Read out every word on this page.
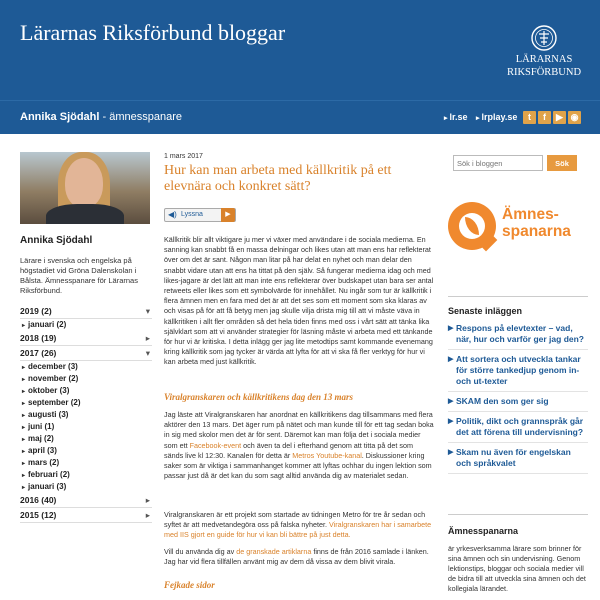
Lärarnas Riksförbund bloggar
LÄRARNAS
RIKSFÖRBUND
Annika Sjödahl - ämnesspanare	▸ lr.se ▸ lrplay.se	t	f	▶ ◉
Annika Sjödahl
Lärare i svenska och engelska på högstadiet vid Gröna Dalenskolan i Bålsta. Ämnesspanare för Lärarnas Riksförbund.
2019 (2)	▾
▸ januari (2)
2018 (19)	▸
2017 (26)	▾
▸ december (3)
▸ november (2)
▸ oktober (3)
▸ september (2)
▸ augusti (3)
▸ juni (1)
▸ maj (2)
▸ april (3)
▸ mars (2)
▸ februari (2)
▸ januari (3)
2016 (40)	▸
2015 (12)	▸
1 mars 2017
Hur kan man arbeta med källkritik på ett elevnära och konkret sätt?
◀) Lyssna	▶
Källkritik blir allt viktigare ju mer vi växer med användare i de sociala medierna. En sanning kan snabbt få en massa delningar och likes utan att man ens har reflekterat över om det är sant. Någon man litar på har delat en nyhet och man delar den snabbt vidare utan att ens ha tittat på den själv. Så fungerar medierna idag och med likes-jagare är det lätt att man inte ens reflekterar över budskapet utan bara ser antal retweets eller likes som ett symbolvärde för innehållet. Nu ingår som tur är källkritik i flera ämnen men en fara med det är att det ses som ett moment som ska klaras av och visas på för att få betyg men jag skulle vilja drista mig till att vi måste väva in källkritiken i allt fler områden så det hela tiden finns med oss i vårt sätt att tänka lika självklart som att vi använder strategier för läsning måste vi arbeta med ett tänkande för hur vi är kritiska. I detta inlägg ger jag lite metodtips samt kommande evenemang kring källkritik som jag tycker är värda att lyfta för att vi ska få fler verktyg för hur vi kan arbeta med just källkritik.
Viralgranskaren och källkritikens dag den 13 mars
Jag läste att Viralgranskaren har anordnat en källkritikens dag tillsammans med flera aktörer den 13 mars. Det äger rum på nätet och man kunde till för ett tag sedan boka in sig med skolor men det är för sent. Däremot kan man följa det i sociala medier som ett Facebook-event och även ta del i efterhand genom att titta på det som sänds live kl 12:30. Kanalen för detta är Metros Youtube-kanal. Diskussioner kring saker som är viktiga i sammanhanget kommer att lyftas ochhar du ingen lektion som passar just då är det kan du som sagt alltid använda dig av materialet sedan.
Viralgranskaren är ett projekt som startade av tidningen Metro för tre år sedan och syftet är att medvetandegöra oss på falska nyheter. Viralgranskaren har i samarbete med IIS gjort en guide för hur vi kan bli bättre på just detta.
Vill du använda dig av de granskade artiklarna finns de från 2016 samlade i länken. Jag har vid flera tillfällen använt mig av dem då vissa av dem blivit virala.
Fejkade sidor
Sök i bloggen
Sök
Ämnes-
spanarna
Senaste inläggen
▶ Respons på elevtexter – vad, när, hur och varför ger jag den?
▶ Att sortera och utveckla tankar för större tankedjup genom in- och ut-texter
▶ SKAM den som ger sig
▶ Politik, dikt och grannspråk går det att förena till undervisning?
▶ Skam nu även för engelskan och språkvalet
Ämnesspanarna
är yrkesverksamma lärare som brinner för sina ämnen och sin undervisning. Genom lektionstips, bloggar och sociala medier vill de bidra till att utveckla sina ämnen och det kollegiala lärandet.
